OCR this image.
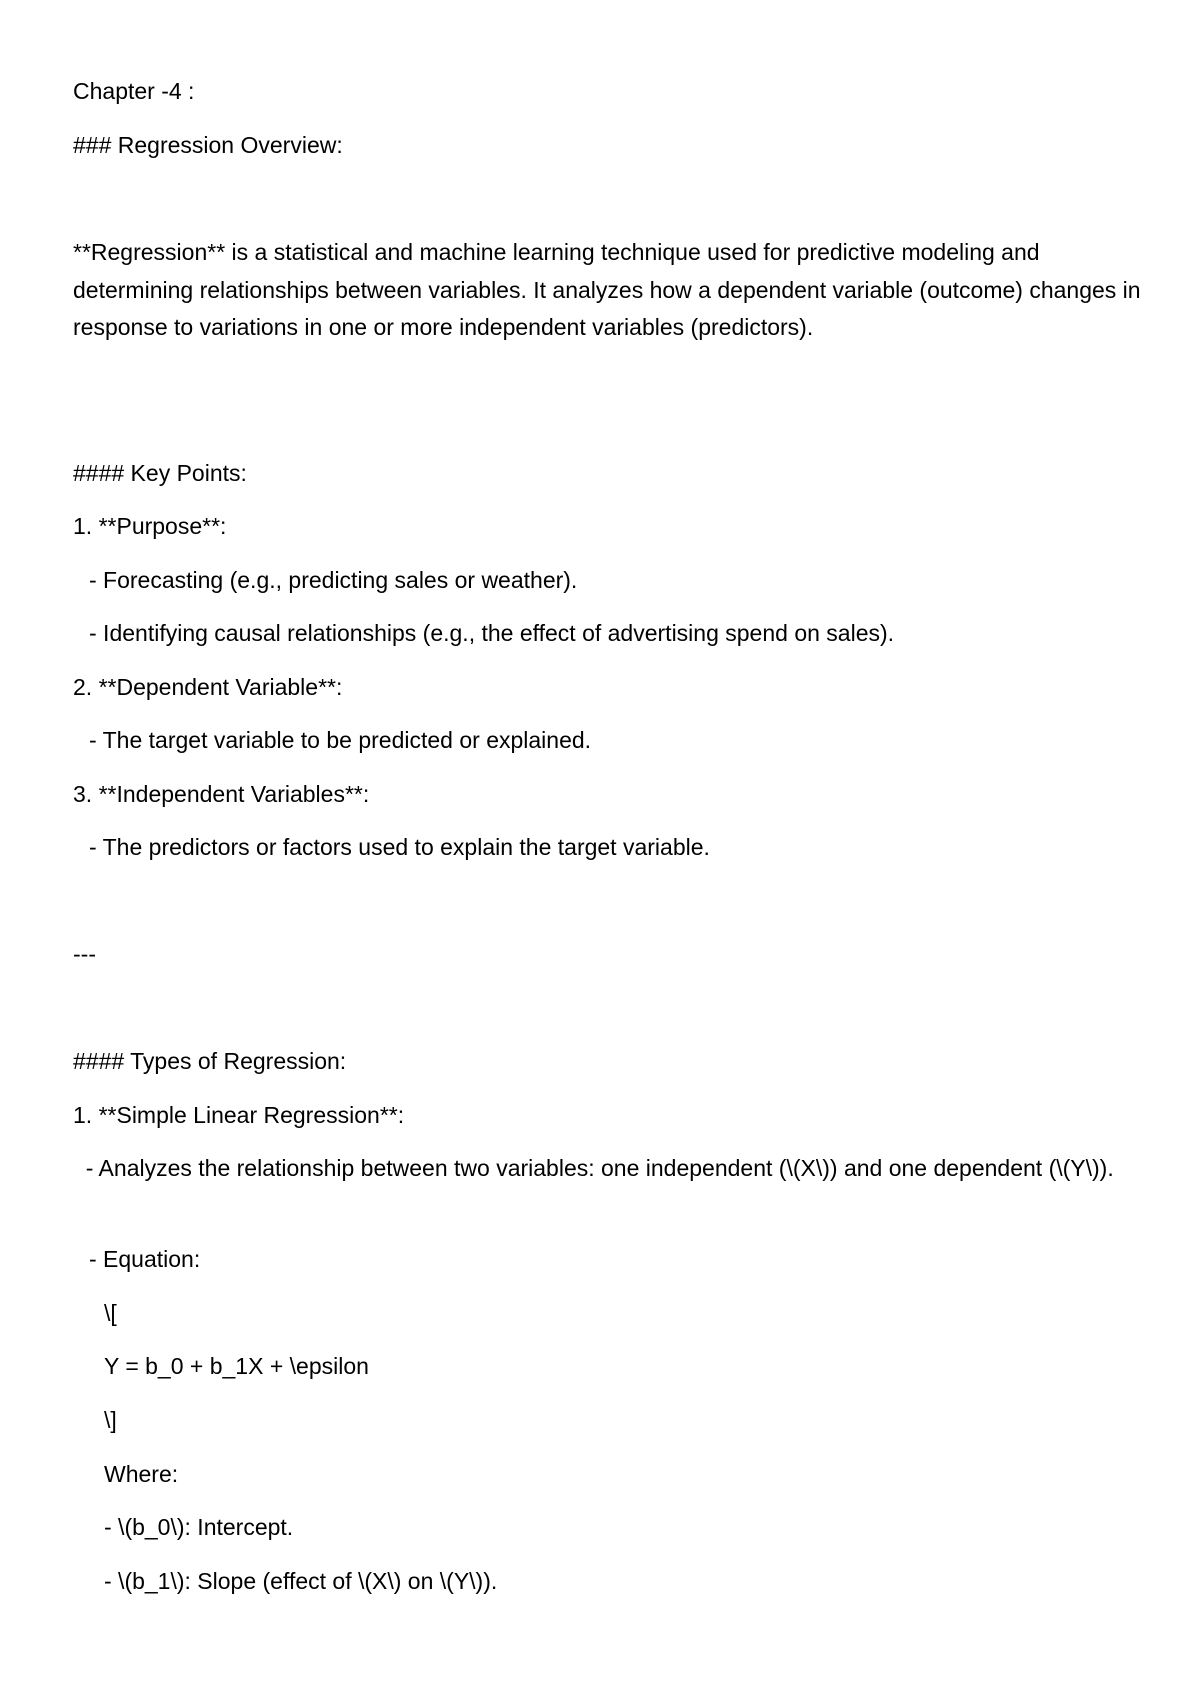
Chapter -4 :
### Regression Overview:
**Regression** is a statistical and machine learning technique used for predictive modeling and determining relationships between variables. It analyzes how a dependent variable (outcome) changes in response to variations in one or more independent variables (predictors).
#### Key Points:
1. **Purpose**:
- Forecasting (e.g., predicting sales or weather).
- Identifying causal relationships (e.g., the effect of advertising spend on sales).
2. **Dependent Variable**:
- The target variable to be predicted or explained.
3. **Independent Variables**:
- The predictors or factors used to explain the target variable.
---
#### Types of Regression:
1. **Simple Linear Regression**:
- Analyzes the relationship between two variables: one independent (\(X\)) and one dependent (\(Y\)).
- Equation:
\[
Y = b_0 + b_1X + \epsilon
\]
Where:
- \(b_0\): Intercept.
- \(b_1\): Slope (effect of \(X\) on \(Y\)).
